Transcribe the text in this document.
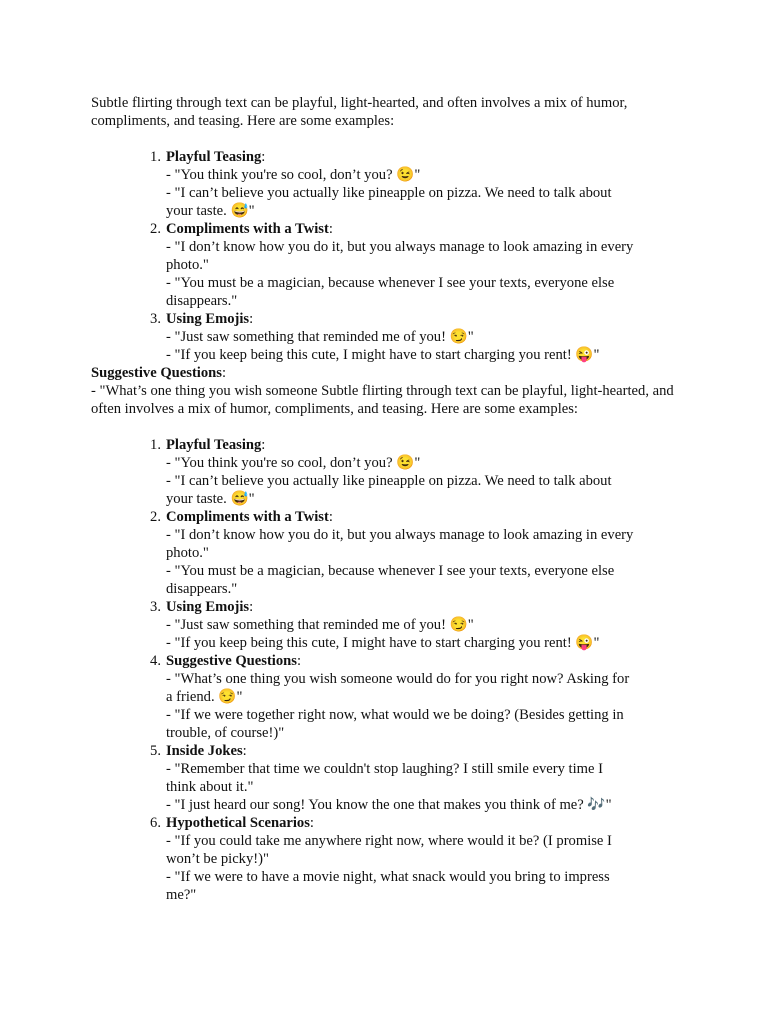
Subtle flirting through text can be playful, light-hearted, and often involves a mix of humor, compliments, and teasing. Here are some examples:

1. Playful Teasing:
- "You think you're so cool, don’t you? 😉"
- "I can’t believe you actually like pineapple on pizza. We need to talk about your taste. 😅"
2. Compliments with a Twist:
- "I don’t know how you do it, but you always manage to look amazing in every photo."
- "You must be a magician, because whenever I see your texts, everyone else disappears."
3. Using Emojis:
- "Just saw something that reminded me of you! 😏"
- "If you keep being this cute, I might have to start charging you rent! 😜"

Suggestive Questions:

- "What’s one thing you wish someone Subtle flirting through text can be playful, light-hearted, and often involves a mix of humor, compliments, and teasing. Here are some examples:

1. Playful Teasing:
- "You think you're so cool, don’t you? 😉"
- "I can’t believe you actually like pineapple on pizza. We need to talk about your taste. 😅"
2. Compliments with a Twist:
- "I don’t know how you do it, but you always manage to look amazing in every photo."
- "You must be a magician, because whenever I see your texts, everyone else disappears."
3. Using Emojis:
- "Just saw something that reminded me of you! 😏"
- "If you keep being this cute, I might have to start charging you rent! 😜"
4. Suggestive Questions:
- "What’s one thing you wish someone would do for you right now? Asking for a friend. 😏"
- "If we were together right now, what would we be doing? (Besides getting in trouble, of course!)"
5. Inside Jokes:
- "Remember that time we couldn't stop laughing? I still smile every time I think about it."
- "I just heard our song! You know the one that makes you think of me? 🎶"
6. Hypothetical Scenarios:
- "If you could take me anywhere right now, where would it be? (I promise I won’t be picky!)"
- "If we were to have a movie night, what snack would you bring to impress me?"
